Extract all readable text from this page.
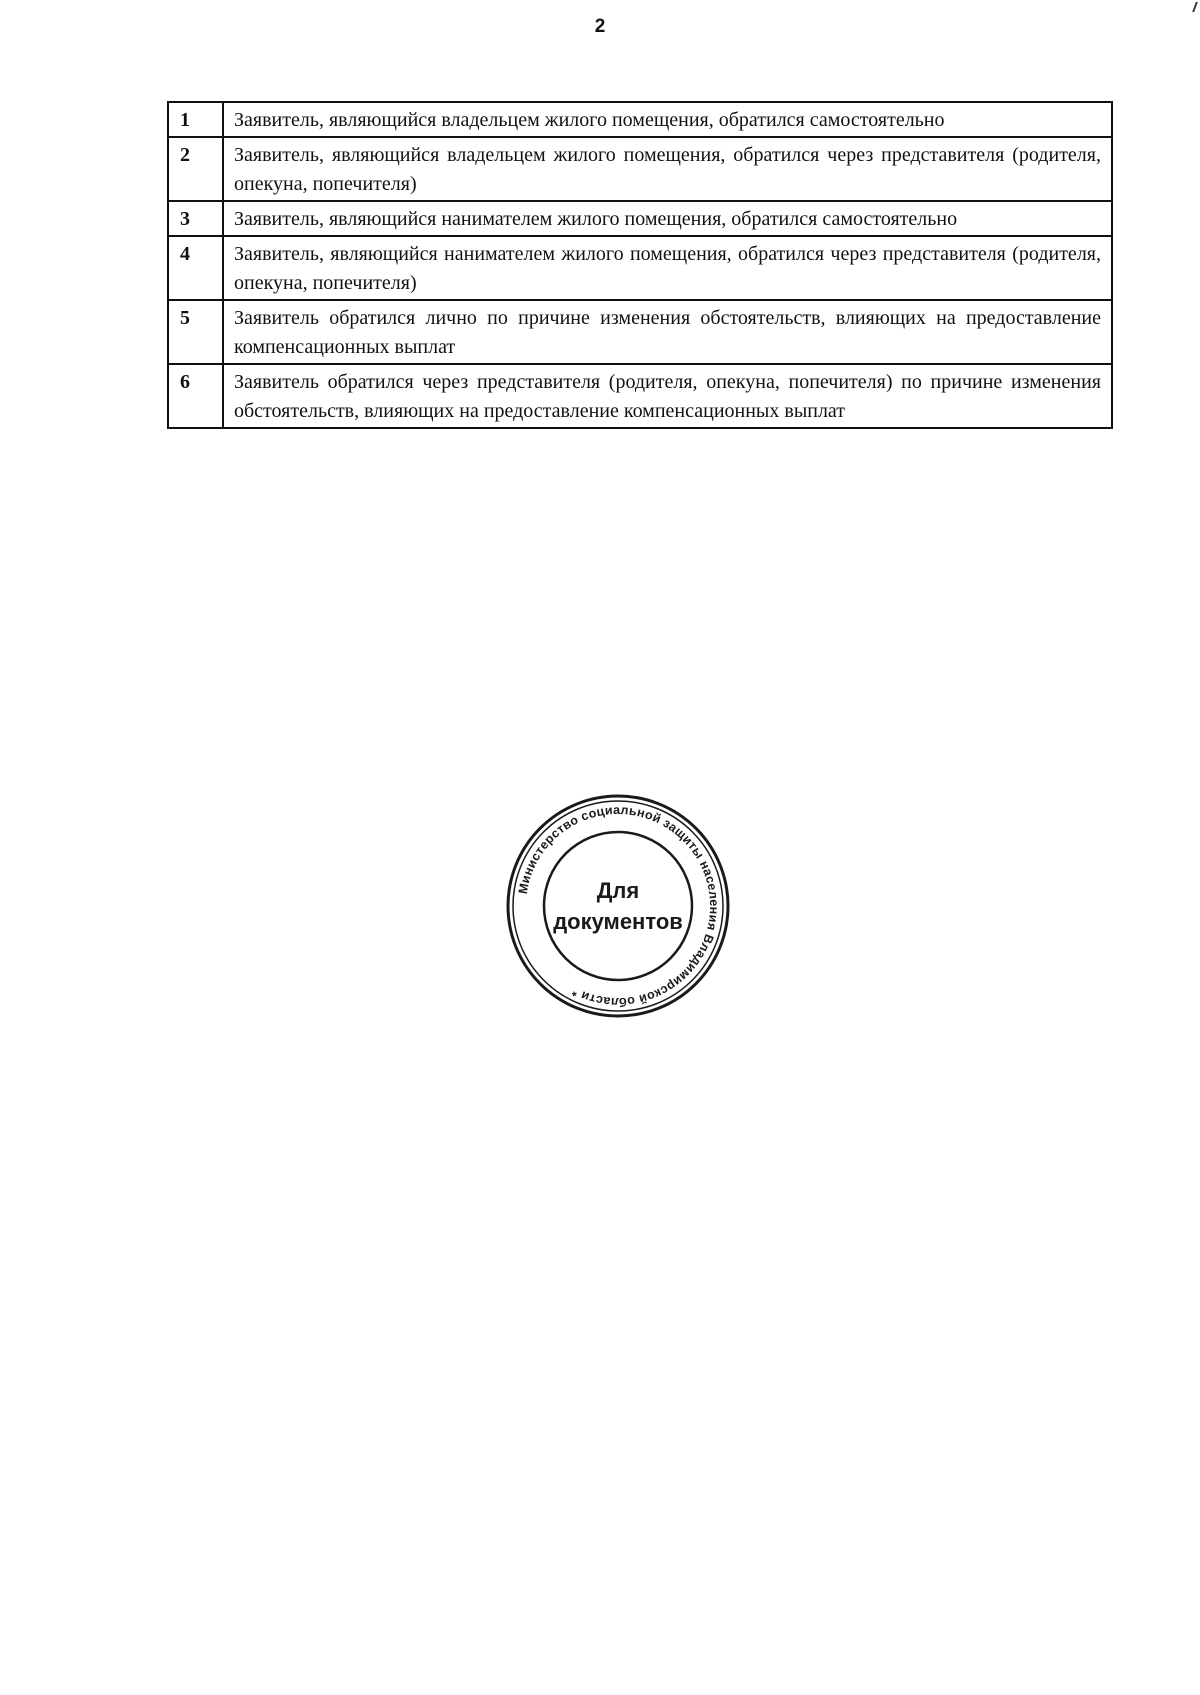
2
1	Заявитель, являющийся владельцем жилого помещения, обратился самостоятельно
2	Заявитель, являющийся владельцем жилого помещения, обратился через представителя (родителя, опекуна, попечителя)
3	Заявитель, являющийся нанимателем жилого помещения, обратился самостоятельно
4	Заявитель, являющийся нанимателем жилого помещения, обратился через представителя (родителя, опекуна, попечителя)
5	Заявитель обратился лично по причине изменения обстоятельств, влияющих на предоставление компенсационных выплат
6	Заявитель обратился через представителя (родителя, опекуна, попечителя) по причине изменения обстоятельств, влияющих на предоставление компенсационных выплат
Министерство социальной защиты населения Владимирской области *
Для
документов
